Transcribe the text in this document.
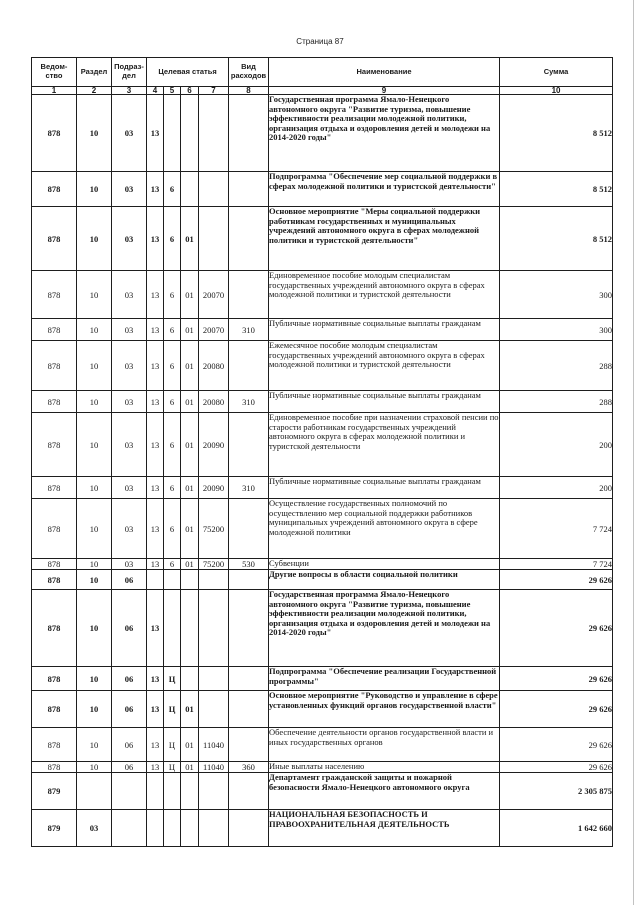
Страница 87
Ведом-
ство	Раздел	Подраз-
дел	Целевая статья				Вид
расходов	Наименование	Сумма
1	2	3	4	5	6	7	8	9	10
878	10	03	13					Государственная программа Ямало-Ненецкого автономного округа "Развитие туризма, повышение эффективности реализации молодежной политики, организация отдыха и оздоровления детей и молодежи на 2014-2020 годы"	8 512
878	10	03	13	6				Подпрограмма "Обеспечение мер социальной поддержки в сферах молодежной политики и туристской деятельности"	8 512
878	10	03	13	6	01			Основное мероприятие "Меры социальной поддержки работникам государственных и муниципальных учреждений автономного округа в сферах молодежной политики и туристской деятельности"	8 512
878	10	03	13	6	01	20070		Единовременное пособие молодым специалистам государственных учреждений автономного округа в сферах молодежной политики и туристской деятельности	300
878	10	03	13	6	01	20070	310	Публичные нормативные социальные выплаты гражданам	300
878	10	03	13	6	01	20080		Ежемесячное пособие молодым специалистам государственных учреждений автономного округа в сферах молодежной политики и туристской деятельности	288
878	10	03	13	6	01	20080	310	Публичные нормативные социальные выплаты гражданам	288
878	10	03	13	6	01	20090		Единовременное пособие при назначении страховой пенсии по старости работникам государственных учреждений автономного округа в сферах молодежной политики и туристской деятельности	200
878	10	03	13	6	01	20090	310	Публичные нормативные социальные выплаты гражданам	200
878	10	03	13	6	01	75200		Осуществление государственных полномочий по осуществлению мер социальной поддержки работников муниципальных учреждений автономного округа в сфере молодежной политики	7 724
878	10	03	13	6	01	75200	530	Субвенции	7 724
878	10	06						Другие вопросы в области социальной политики	29 626
878	10	06	13					Государственная программа Ямало-Ненецкого автономного округа "Развитие туризма, повышение эффективности реализации молодежной политики, организация отдыха и оздоровления детей и молодежи на 2014-2020 годы"	29 626
878	10	06	13	Ц				Подпрограмма "Обеспечение реализации Государственной программы"	29 626
878	10	06	13	Ц	01			Основное мероприятие "Руководство и управление в сфере установленных функций органов государственной власти"	29 626
878	10	06	13	Ц	01	11040		Обеспечение деятельности органов государственной власти и иных государственных органов	29 626
878	10	06	13	Ц	01	11040	360	Иные выплаты населению	29 626
879								Департамент гражданской защиты и пожарной безопасности Ямало-Ненецкого автономного округа	2 305 875
879	03							НАЦИОНАЛЬНАЯ БЕЗОПАСНОСТЬ И ПРАВООХРАНИТЕЛЬНАЯ ДЕЯТЕЛЬНОСТЬ	1 642 660
